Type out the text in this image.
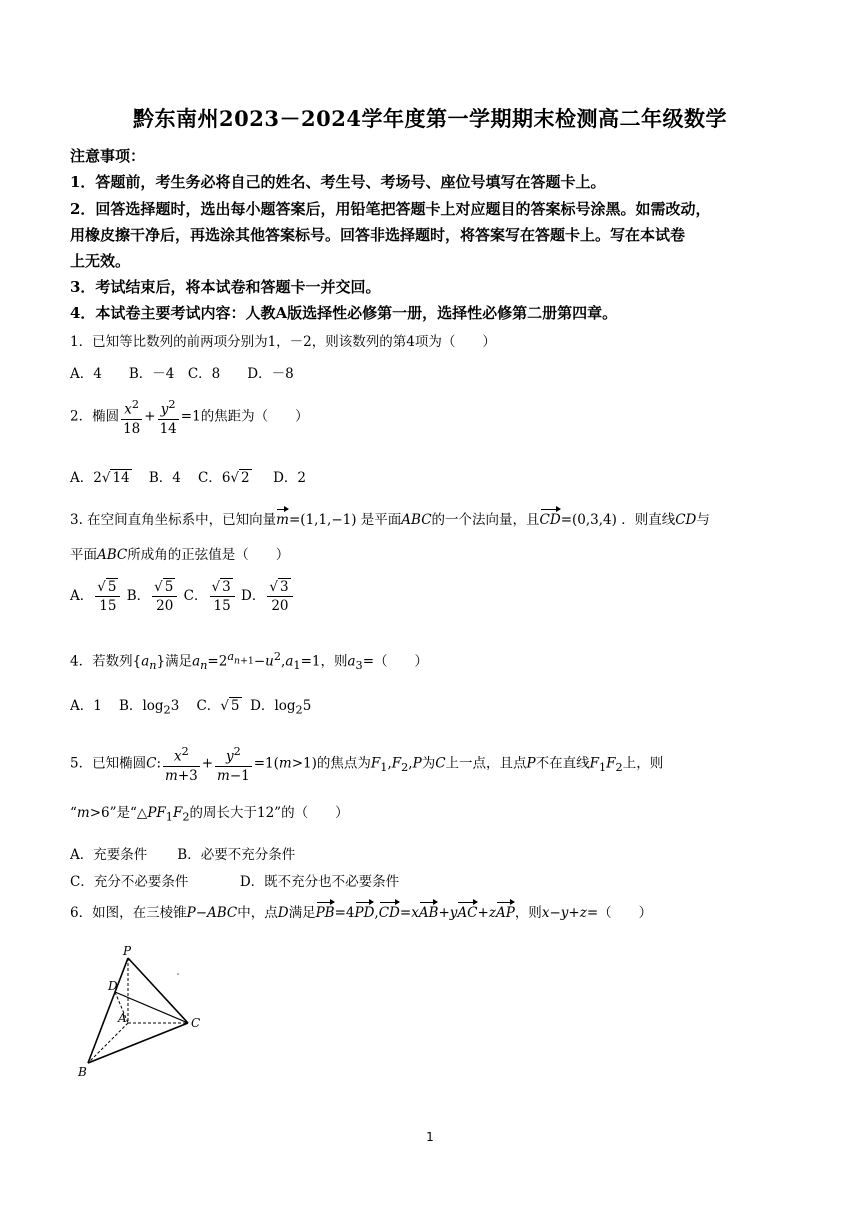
黔东南州2023－2024学年度第一学期期末检测高二年级数学
注意事项：
1．答题前，考生务必将自己的姓名、考生号、考场号、座位号填写在答题卡上。
2．回答选择题时，选出每小题答案后，用铅笔把答题卡上对应题目的答案标号涂黑。如需改动，
用橡皮擦干净后，再选涂其他答案标号。回答非选择题时，将答案写在答题卡上。写在本试卷
上无效。
3．考试结束后，将本试卷和答题卡一并交回。
4．本试卷主要考试内容：人教A版选择性必修第一册，选择性必修第二册第四章。
1．已知等比数列的前两项分别为1，－2，则该数列的第4项为（　　）
A．4　　B．－4　C．8　　D．－8
2．椭圆 $\frac{x^2}{18} + \frac{y^2}{14} =1$的焦距为（　　）
A．2√ 14 B．4 C．6√ 2 D．2
3. 在空间直角坐标系中，已知向量m=(1,1,−1) 是平面ABC的一个法向量，且CD=(0,3,4) ．则直线CD与
平面ABC所成角的正弦值是（　　）
A． $\frac{√ 5}{15}$ B． $\frac{√ 5}{20}$ C． $\frac{√ 3}{15}$ D． $\frac{√ 3}{20}$
4．若数列$\{a_n\}$满足$a_n=2^{a_{n+1}}-u^2,a_1=1$，则$a_3=$（　　）
A．1 B．$\log_23$    C．√ 5 D．$\log_25$
5．已知椭圆C: $\frac{x^2}{m+3} + \frac{y^2}{m-1} =1(m>1)$的焦点为$F_1,F_2,P$为C上一点，且点P不在直线$F_1F_2$上，则
“m>6”是“$\triangle PF_1F_2$的周长大于12”的（　　）
A．充要条件 B．必要不充分条件
C．充分不必要条件	D．既不充分也不必要条件
6．如图，在三棱锥P−ABC中，点D满足PB=4PD,CD=xAB+yAC+zAP，则x−y+z=（　　）
P
D
A
B
C
1
